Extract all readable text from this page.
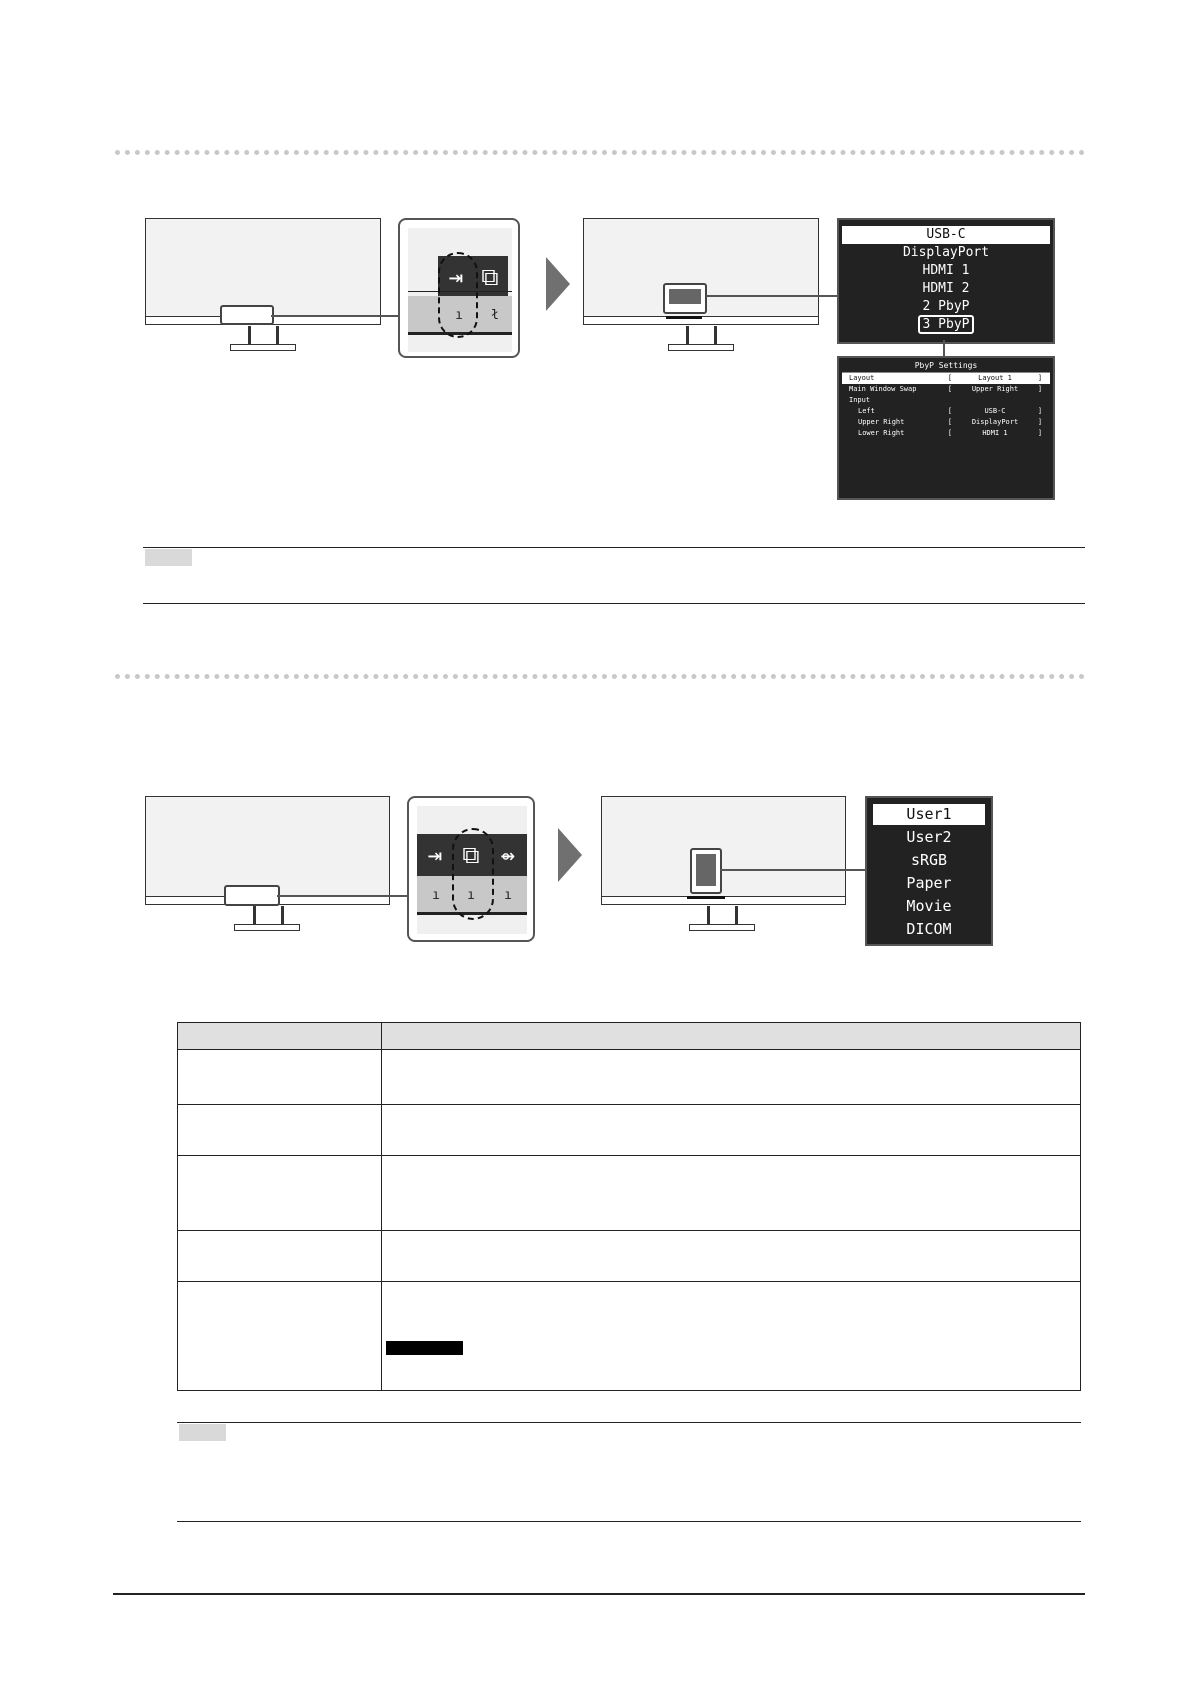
⇥ ⧉
ı ł
USB-C
DisplayPort
HDMI 1
HDMI 2
2 PbyP
3 PbyP
PbyP Settings
Layout	[	Layout 1	]
Main Window Swap	[	Upper Right	]
Input
Left	[	USB-C	]
Upper Right	[	DisplayPort	]
Lower Right	[	HDMI 1	]
⇥ ⧉ ⇴
ı ı ı
User1
User2
sRGB
Paper
Movie
DICOM
